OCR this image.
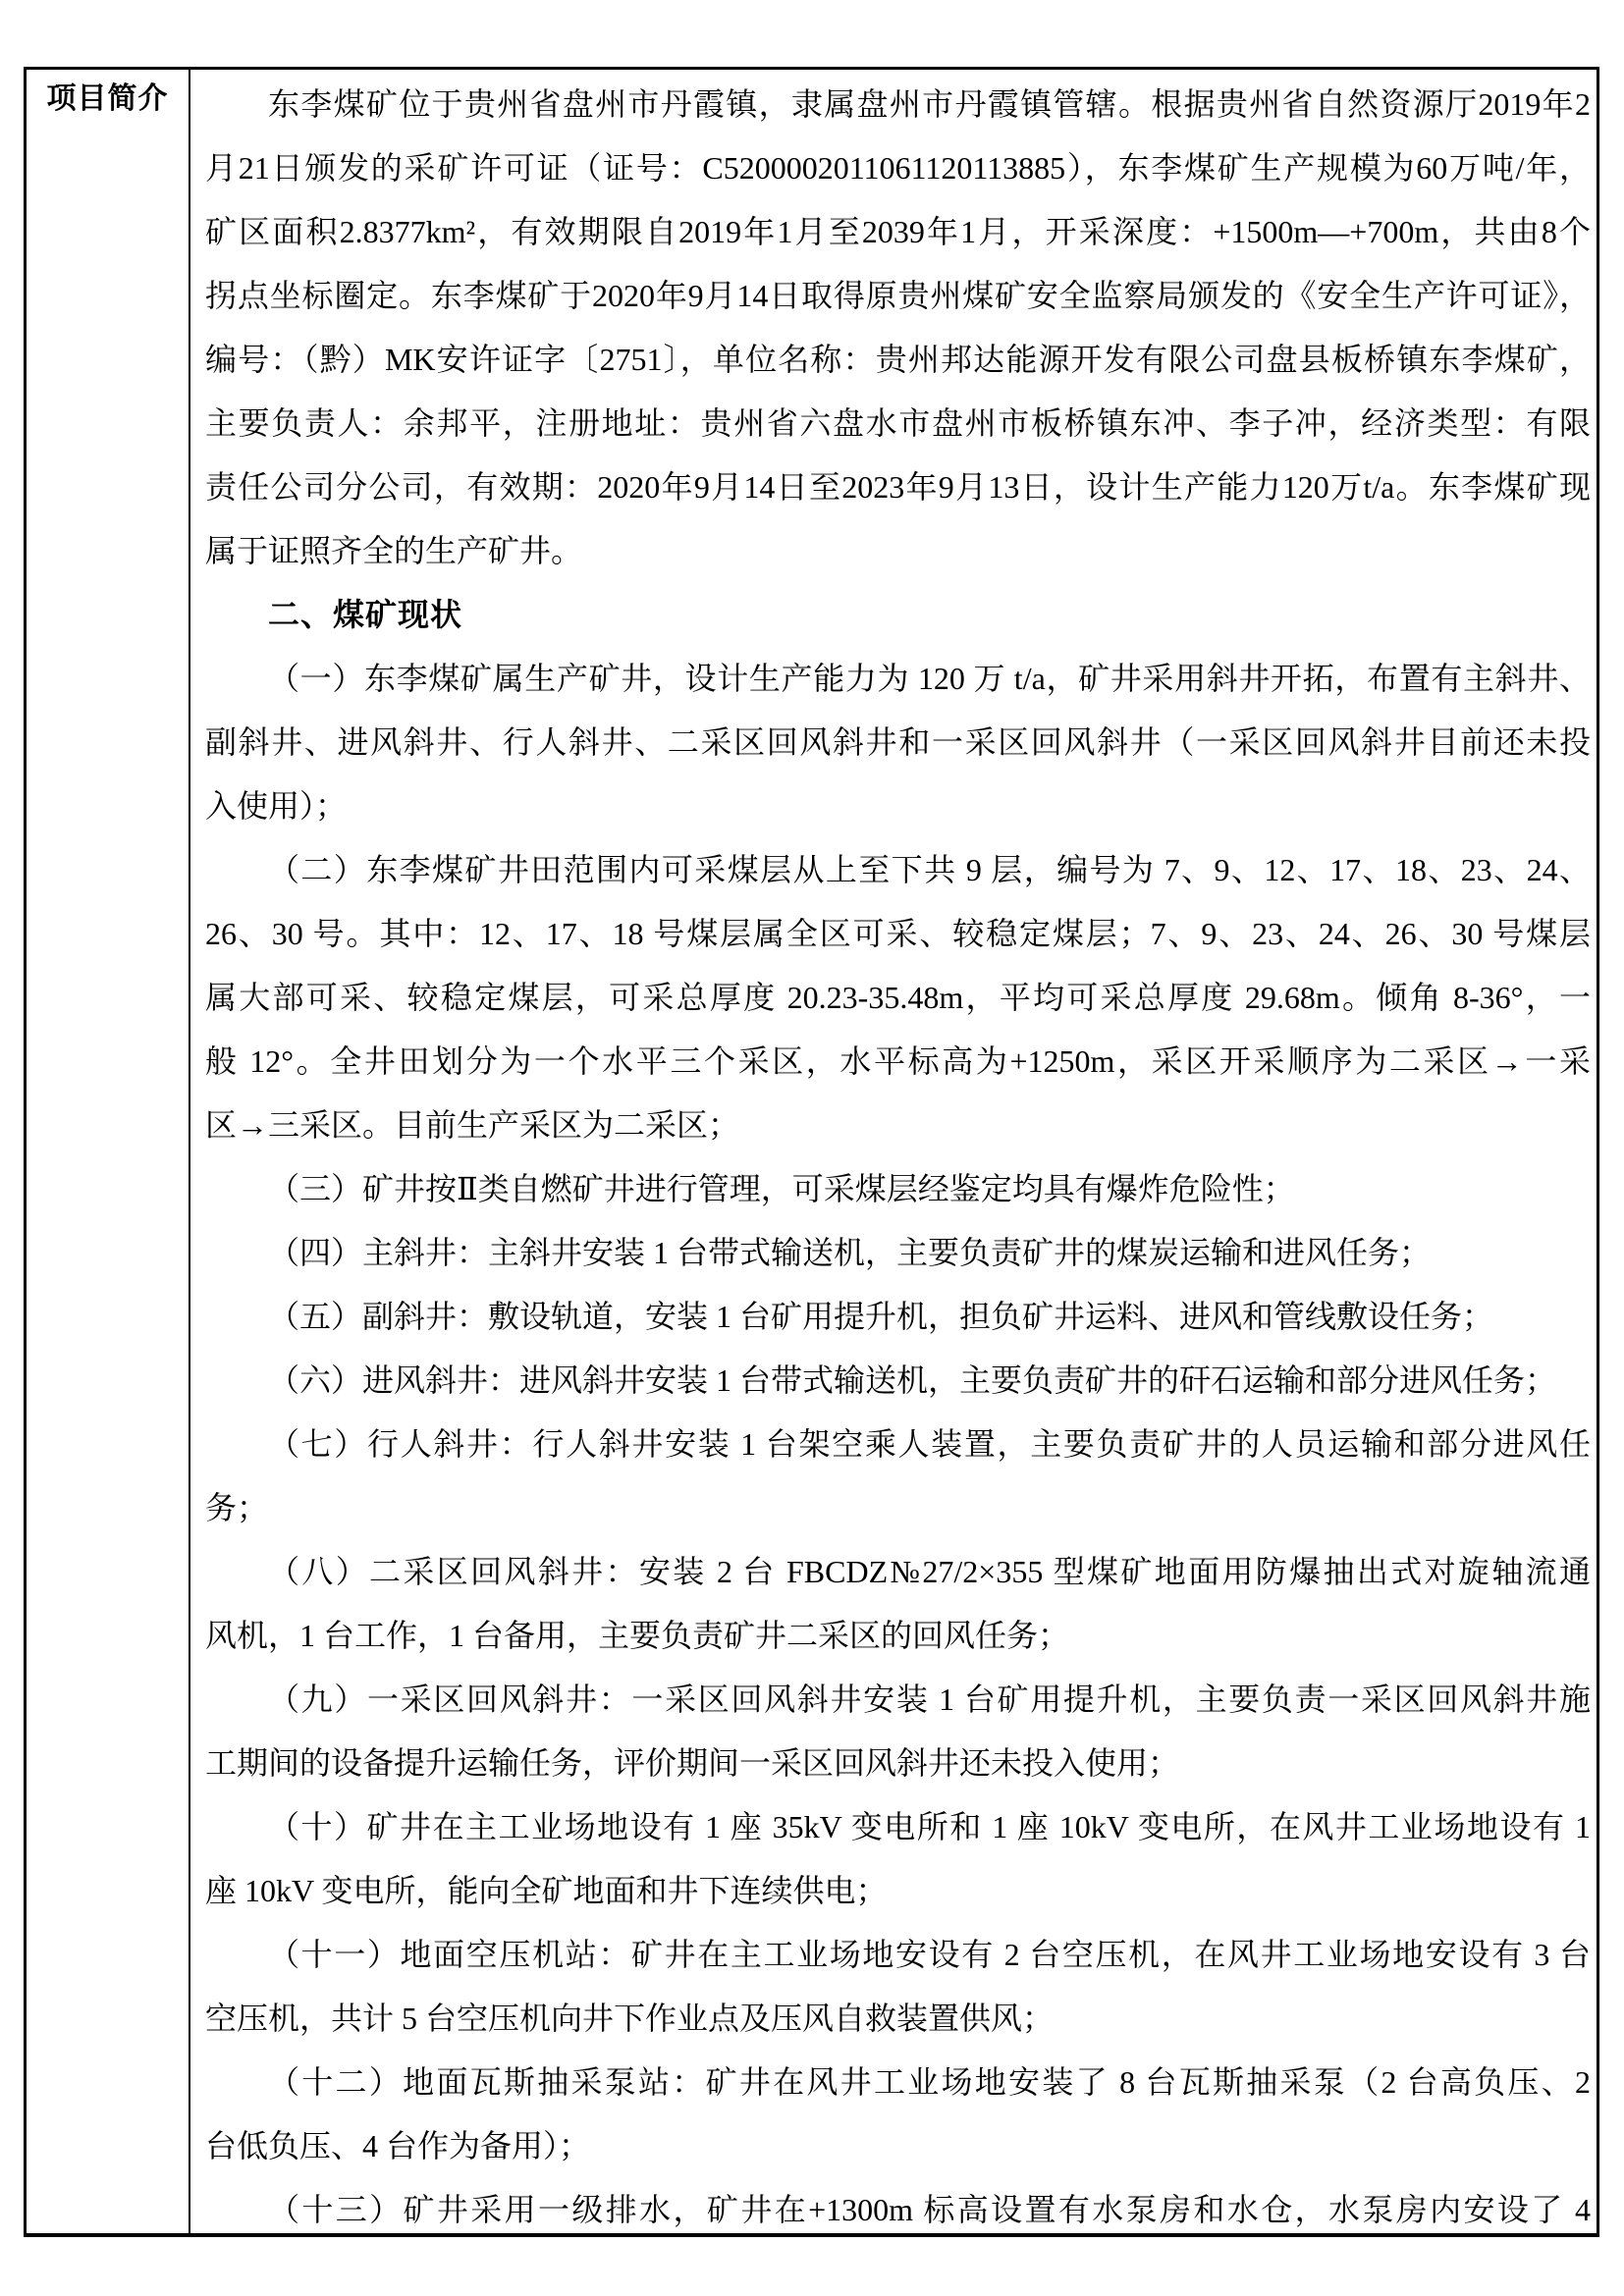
项目简介	东李煤矿位于贵州省盘州市丹霞镇，隶属盘州市丹霞镇管辖。根据贵州省自然资源厅2019年2
月21日颁发的采矿许可证（证号：C5200002011061120113885），东李煤矿生产规模为60万吨/年，
矿区面积2.8377km²，有效期限自2019年1月至2039年1月，开采深度：+1500m—+700m，共由8个
拐点坐标圈定。东李煤矿于2020年9月14日取得原贵州煤矿安全监察局颁发的《安全生产许可证》，
编号：（黔）MK安许证字〔2751〕，单位名称：贵州邦达能源开发有限公司盘县板桥镇东李煤矿，
主要负责人：余邦平，注册地址：贵州省六盘水市盘州市板桥镇东冲、李子冲，经济类型：有限
责任公司分公司，有效期：2020年9月14日至2023年9月13日，设计生产能力120万t/a。东李煤矿现
属于证照齐全的生产矿井。
二、煤矿现状
（一）东李煤矿属生产矿井，设计生产能力为 120 万 t/a，矿井采用斜井开拓，布置有主斜井、
副斜井、进风斜井、行人斜井、二采区回风斜井和一采区回风斜井（一采区回风斜井目前还未投
入使用）；
（二）东李煤矿井田范围内可采煤层从上至下共 9 层，编号为 7、9、12、17、18、23、24、
26、30 号。其中：12、17、18 号煤层属全区可采、较稳定煤层；7、9、23、24、26、30 号煤层
属大部可采、较稳定煤层，可采总厚度 20.23-35.48m，平均可采总厚度 29.68m。倾角 8-36°，一
般 12°。全井田划分为一个水平三个采区，水平标高为+1250m，采区开采顺序为二采区→一采
区→三采区。目前生产采区为二采区；
（三）矿井按Ⅱ类自燃矿井进行管理，可采煤层经鉴定均具有爆炸危险性；
（四）主斜井：主斜井安装 1 台带式输送机，主要负责矿井的煤炭运输和进风任务；
（五）副斜井：敷设轨道，安装 1 台矿用提升机，担负矿井运料、进风和管线敷设任务；
（六）进风斜井：进风斜井安装 1 台带式输送机，主要负责矿井的矸石运输和部分进风任务；
（七）行人斜井：行人斜井安装 1 台架空乘人装置，主要负责矿井的人员运输和部分进风任
务；
（八）二采区回风斜井：安装 2 台 FBCDZ№27/2×355 型煤矿地面用防爆抽出式对旋轴流通
风机，1 台工作，1 台备用，主要负责矿井二采区的回风任务；
（九）一采区回风斜井：一采区回风斜井安装 1 台矿用提升机，主要负责一采区回风斜井施
工期间的设备提升运输任务，评价期间一采区回风斜井还未投入使用；
（十）矿井在主工业场地设有 1 座 35kV 变电所和 1 座 10kV 变电所，在风井工业场地设有 1
座 10kV 变电所，能向全矿地面和井下连续供电；
（十一）地面空压机站：矿井在主工业场地安设有 2 台空压机，在风井工业场地安设有 3 台
空压机，共计 5 台空压机向井下作业点及压风自救装置供风；
（十二）地面瓦斯抽采泵站：矿井在风井工业场地安装了 8 台瓦斯抽采泵（2 台高负压、2
台低负压、4 台作为备用）；
（十三）矿井采用一级排水，矿井在+1300m 标高设置有水泵房和水仓，水泵房内安设了 4
